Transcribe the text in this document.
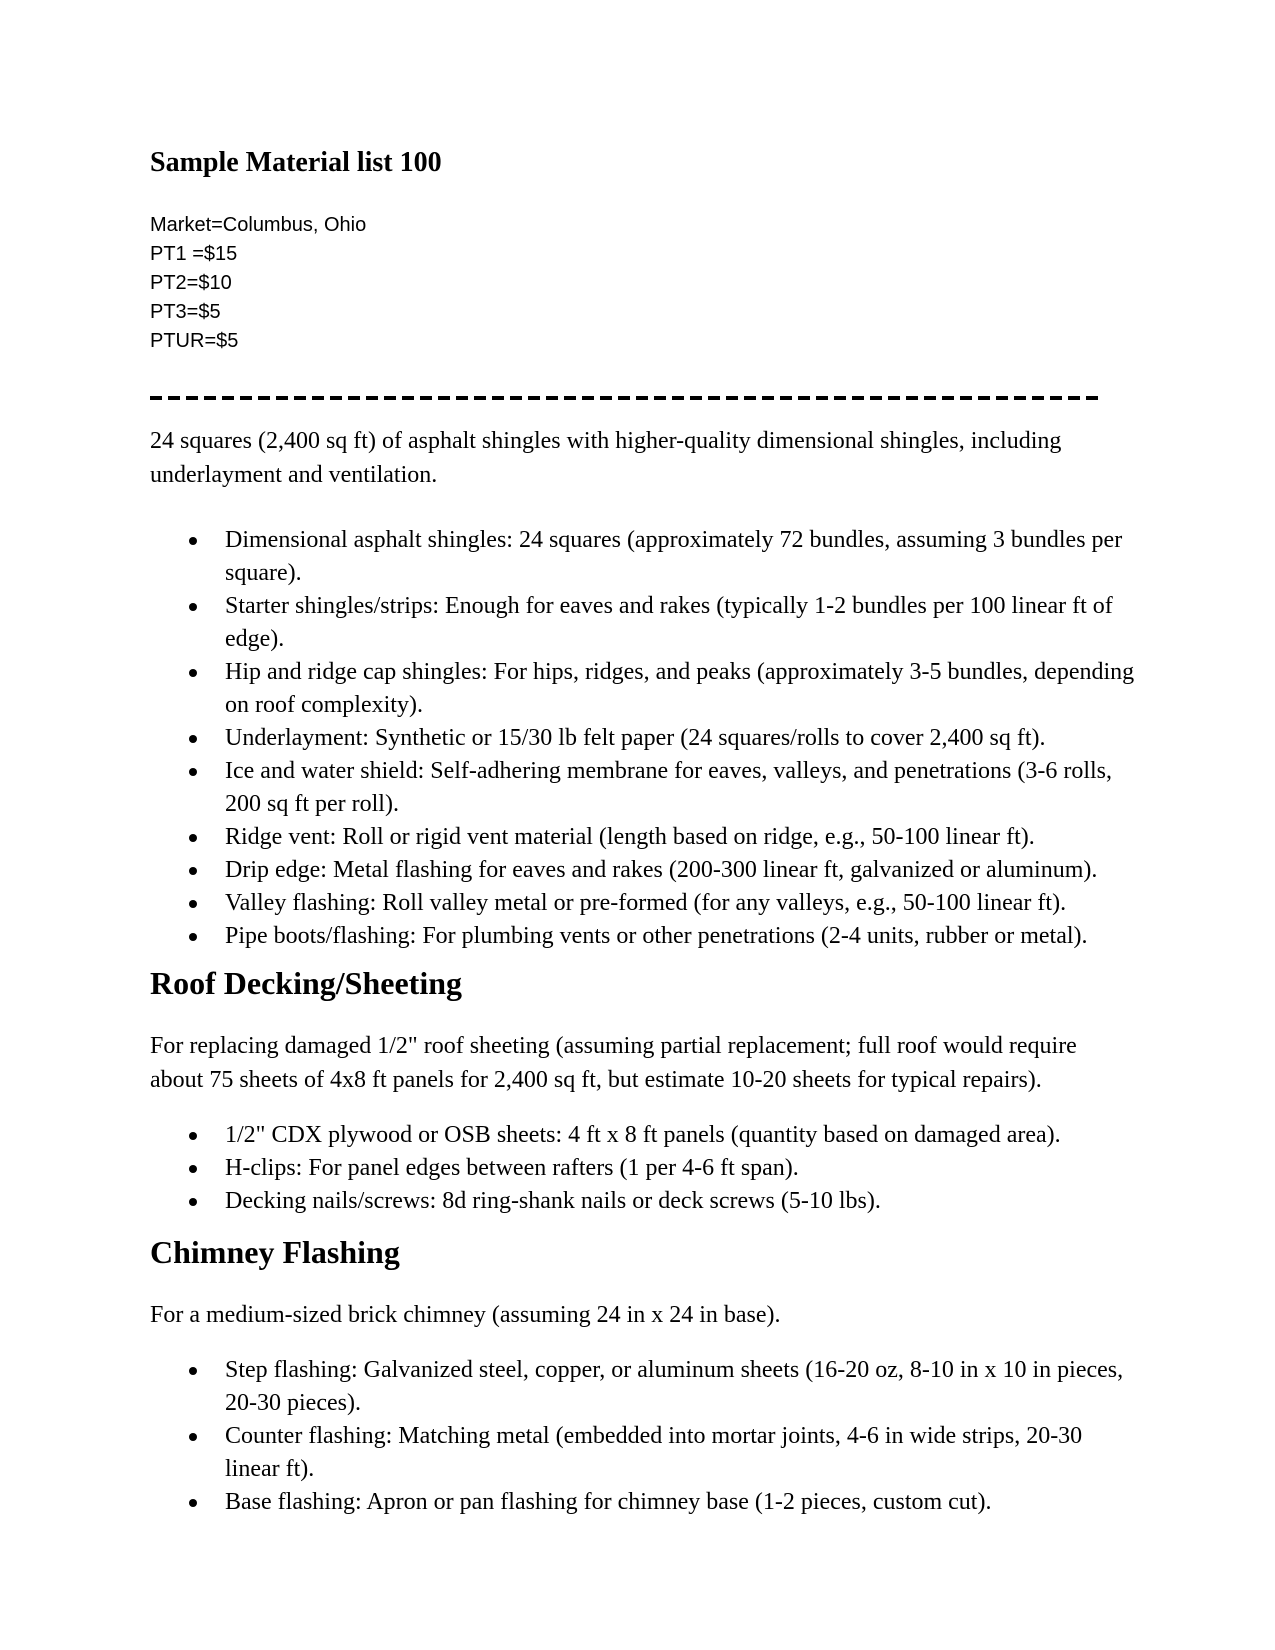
Sample Material list 100
Market=Columbus, Ohio
PT1 =$15
PT2=$10
PT3=$5
PTUR=$5

24 squares (2,400 sq ft) of asphalt shingles with higher-quality dimensional shingles, including underlayment and ventilation.

Dimensional asphalt shingles: 24 squares (approximately 72 bundles, assuming 3 bundles per square).
Starter shingles/strips: Enough for eaves and rakes (typically 1-2 bundles per 100 linear ft of edge).
Hip and ridge cap shingles: For hips, ridges, and peaks (approximately 3-5 bundles, depending on roof complexity).
Underlayment: Synthetic or 15/30 lb felt paper (24 squares/rolls to cover 2,400 sq ft).
Ice and water shield: Self-adhering membrane for eaves, valleys, and penetrations (3-6 rolls, 200 sq ft per roll).
Ridge vent: Roll or rigid vent material (length based on ridge, e.g., 50-100 linear ft).
Drip edge: Metal flashing for eaves and rakes (200-300 linear ft, galvanized or aluminum).
Valley flashing: Roll valley metal or pre-formed (for any valleys, e.g., 50-100 linear ft).
Pipe boots/flashing: For plumbing vents or other penetrations (2-4 units, rubber or metal).
Roof Decking/Sheeting

For replacing damaged 1/2" roof sheeting (assuming partial replacement; full roof would require about 75 sheets of 4x8 ft panels for 2,400 sq ft, but estimate 10-20 sheets for typical repairs).

1/2" CDX plywood or OSB sheets: 4 ft x 8 ft panels (quantity based on damaged area).
H-clips: For panel edges between rafters (1 per 4-6 ft span).
Decking nails/screws: 8d ring-shank nails or deck screws (5-10 lbs).
Chimney Flashing

For a medium-sized brick chimney (assuming 24 in x 24 in base).

Step flashing: Galvanized steel, copper, or aluminum sheets (16-20 oz, 8-10 in x 10 in pieces, 20-30 pieces).
Counter flashing: Matching metal (embedded into mortar joints, 4-6 in wide strips, 20-30 linear ft).
Base flashing: Apron or pan flashing for chimney base (1-2 pieces, custom cut).
